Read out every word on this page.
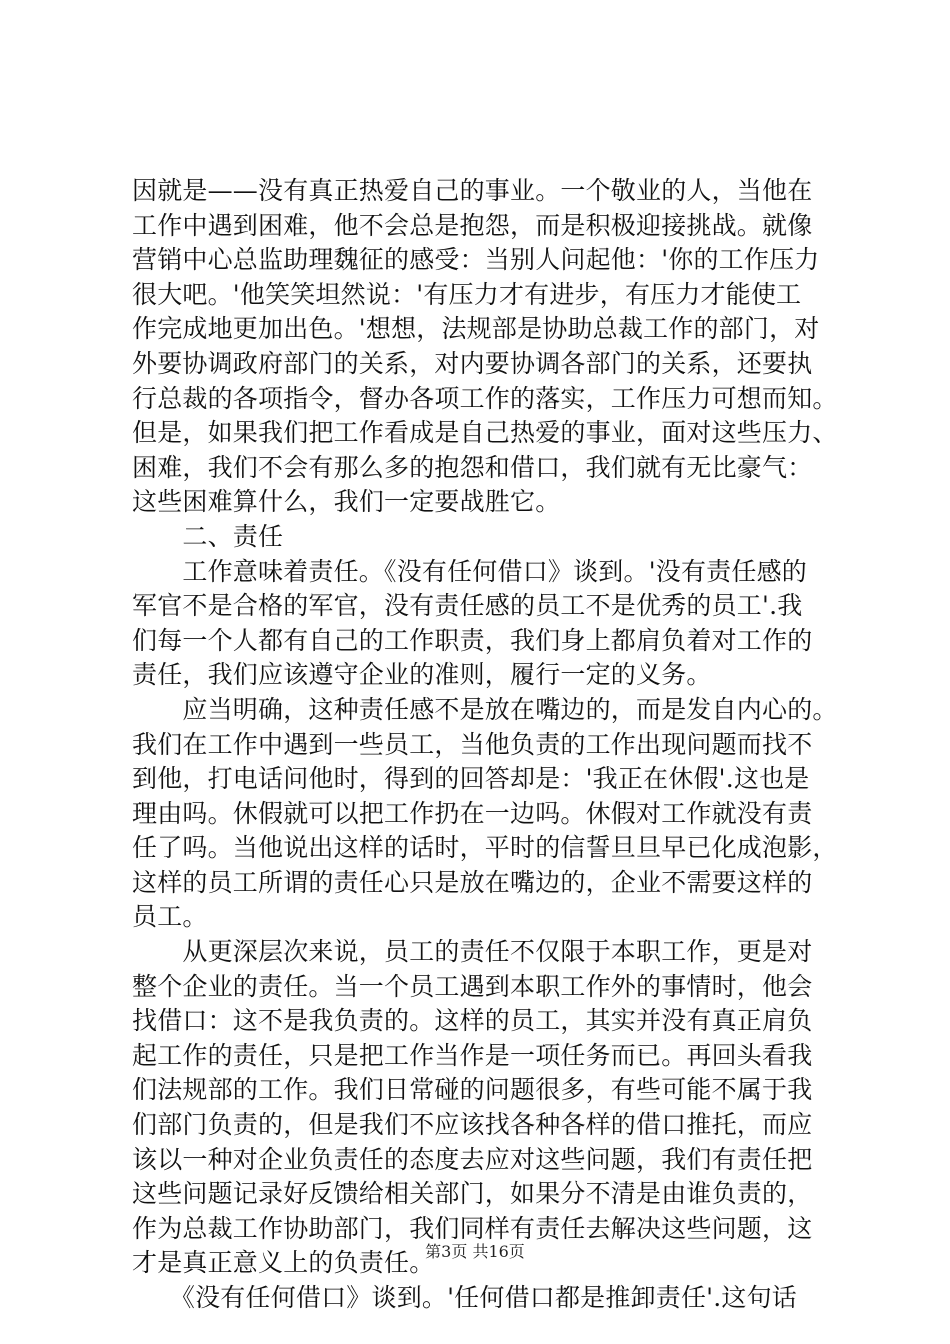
因就是——没有真正热爱自己的事业。一个敬业的人，当他在
工作中遇到困难，他不会总是抱怨，而是积极迎接挑战。就像
营销中心总监助理魏征的感受：当别人问起他：'你的工作压力
很大吧。'他笑笑坦然说：'有压力才有进步，有压力才能使工
作完成地更加出色。'想想，法规部是协助总裁工作的部门，对
外要协调政府部门的关系，对内要协调各部门的关系，还要执
行总裁的各项指令，督办各项工作的落实，工作压力可想而知。
但是，如果我们把工作看成是自己热爱的事业，面对这些压力、
困难，我们不会有那么多的抱怨和借口，我们就有无比豪气：
这些困难算什么，我们一定要战胜它。
　　二、责任
　　工作意味着责任。《没有任何借口》谈到。'没有责任感的
军官不是合格的军官，没有责任感的员工不是优秀的员工'.我
们每一个人都有自己的工作职责，我们身上都肩负着对工作的
责任，我们应该遵守企业的准则，履行一定的义务。
　　应当明确，这种责任感不是放在嘴边的，而是发自内心的。
我们在工作中遇到一些员工，当他负责的工作出现问题而找不
到他，打电话问他时，得到的回答却是：'我正在休假'.这也是
理由吗。休假就可以把工作扔在一边吗。休假对工作就没有责
任了吗。当他说出这样的话时，平时的信誓旦旦早已化成泡影，
这样的员工所谓的责任心只是放在嘴边的，企业不需要这样的
员工。
　　从更深层次来说，员工的责任不仅限于本职工作，更是对
整个企业的责任。当一个员工遇到本职工作外的事情时，他会
找借口：这不是我负责的。这样的员工，其实并没有真正肩负
起工作的责任，只是把工作当作是一项任务而已。再回头看我
们法规部的工作。我们日常碰的问题很多，有些可能不属于我
们部门负责的，但是我们不应该找各种各样的借口推托，而应
该以一种对企业负责任的态度去应对这些问题，我们有责任把
这些问题记录好反馈给相关部门，如果分不清是由谁负责的，
作为总裁工作协助部门，我们同样有责任去解决这些问题，这
才是真正意义上的负责任。
　　《没有任何借口》谈到。'任何借口都是推卸责任'.这句话
第3页 共16页
